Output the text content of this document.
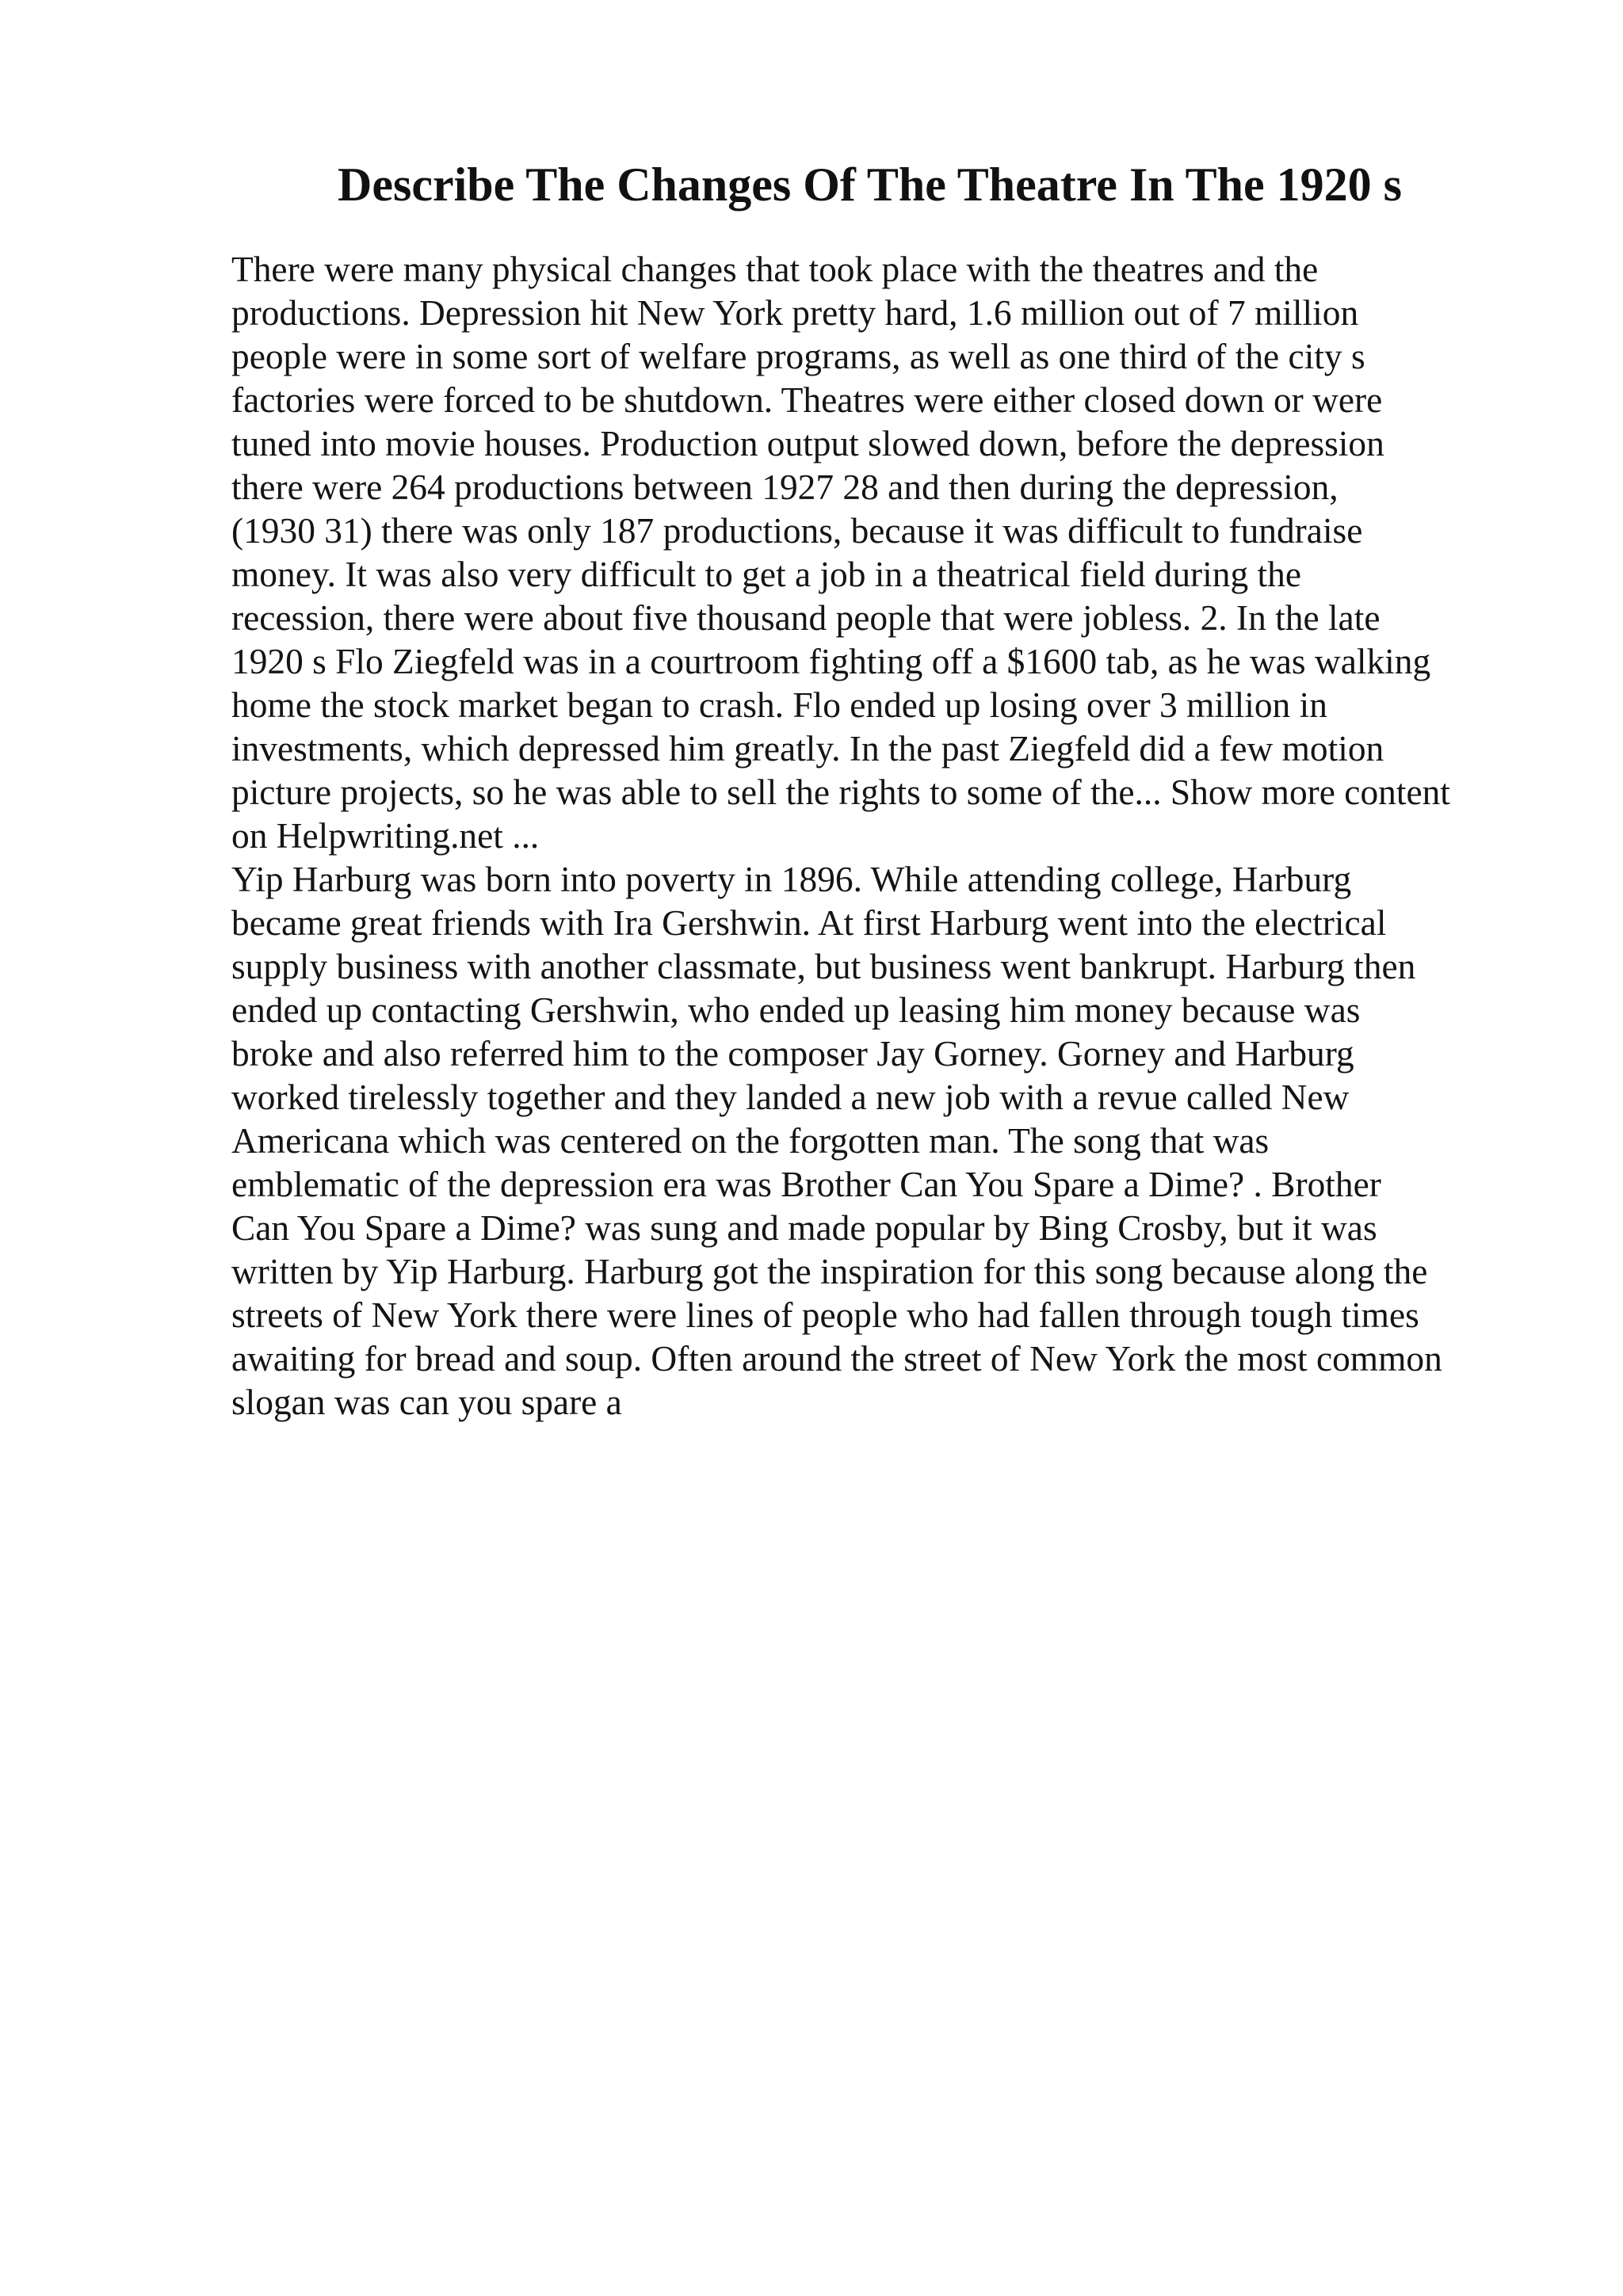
Describe The Changes Of The Theatre In The 1920 s
There were many physical changes that took place with the theatres and the
productions. Depression hit New York pretty hard, 1.6 million out of 7 million
people were in some sort of welfare programs, as well as one third of the city s
factories were forced to be shutdown. Theatres were either closed down or were
tuned into movie houses. Production output slowed down, before the depression
there were 264 productions between 1927 28 and then during the depression,
(1930 31) there was only 187 productions, because it was difficult to fundraise
money. It was also very difficult to get a job in a theatrical field during the
recession, there were about five thousand people that were jobless. 2. In the late
1920 s Flo Ziegfeld was in a courtroom fighting off a $1600 tab, as he was walking
home the stock market began to crash. Flo ended up losing over 3 million in
investments, which depressed him greatly. In the past Ziegfeld did a few motion
picture projects, so he was able to sell the rights to some of the... Show more content
on Helpwriting.net ...
Yip Harburg was born into poverty in 1896. While attending college, Harburg
became great friends with Ira Gershwin. At first Harburg went into the electrical
supply business with another classmate, but business went bankrupt. Harburg then
ended up contacting Gershwin, who ended up leasing him money because was
broke and also referred him to the composer Jay Gorney. Gorney and Harburg
worked tirelessly together and they landed a new job with a revue called New
Americana which was centered on the forgotten man. The song that was
emblematic of the depression era was Brother Can You Spare a Dime? . Brother
Can You Spare a Dime? was sung and made popular by Bing Crosby, but it was
written by Yip Harburg. Harburg got the inspiration for this song because along the
streets of New York there were lines of people who had fallen through tough times
awaiting for bread and soup. Often around the street of New York the most common
slogan was can you spare a
